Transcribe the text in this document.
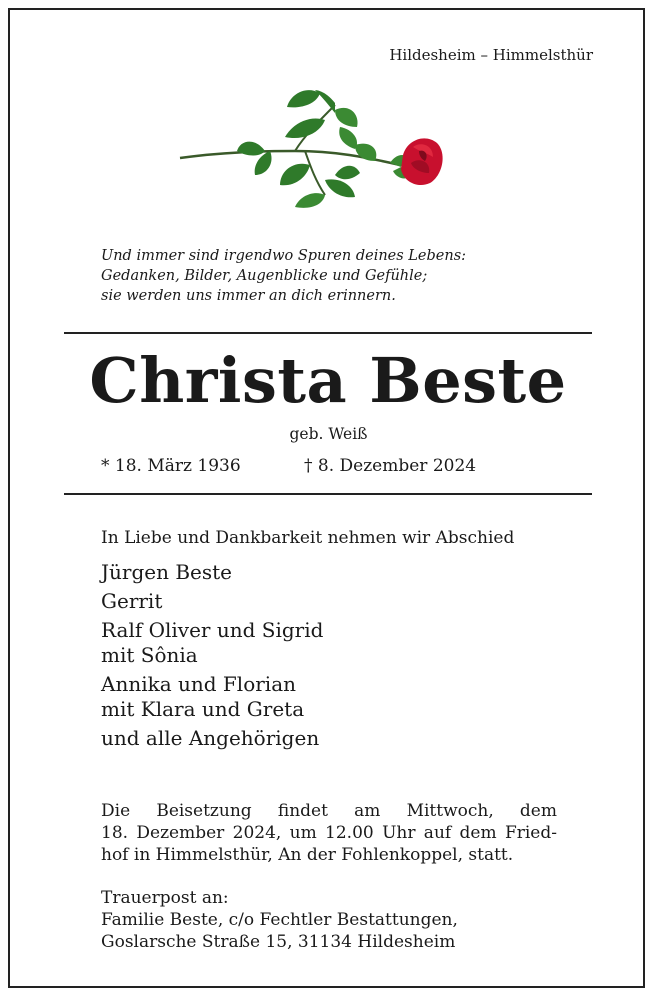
Hildesheim – Himmelsthür
Und immer sind irgendwo Spuren deines Lebens:
Gedanken, Bilder, Augenblicke und Gefühle;
sie werden uns immer an dich erinnern.
Christa Beste
geb. Weiß
* 18. März 1936	† 8. Dezember 2024
In Liebe und Dankbarkeit nehmen wir Abschied
Jürgen Beste
Gerrit
Ralf Oliver und Sigrid
mit Sônia
Annika und Florian
mit Klara und Greta
und alle Angehörigen
Die Beisetzung findet am Mittwoch, dem
18. Dezember 2024, um 12.00 Uhr auf dem Fried-
hof in Himmelsthür, An der Fohlenkoppel, statt.
Trauerpost an:
Familie Beste, c/o Fechtler Bestattungen,
Goslarsche Straße 15, 31134 Hildesheim
